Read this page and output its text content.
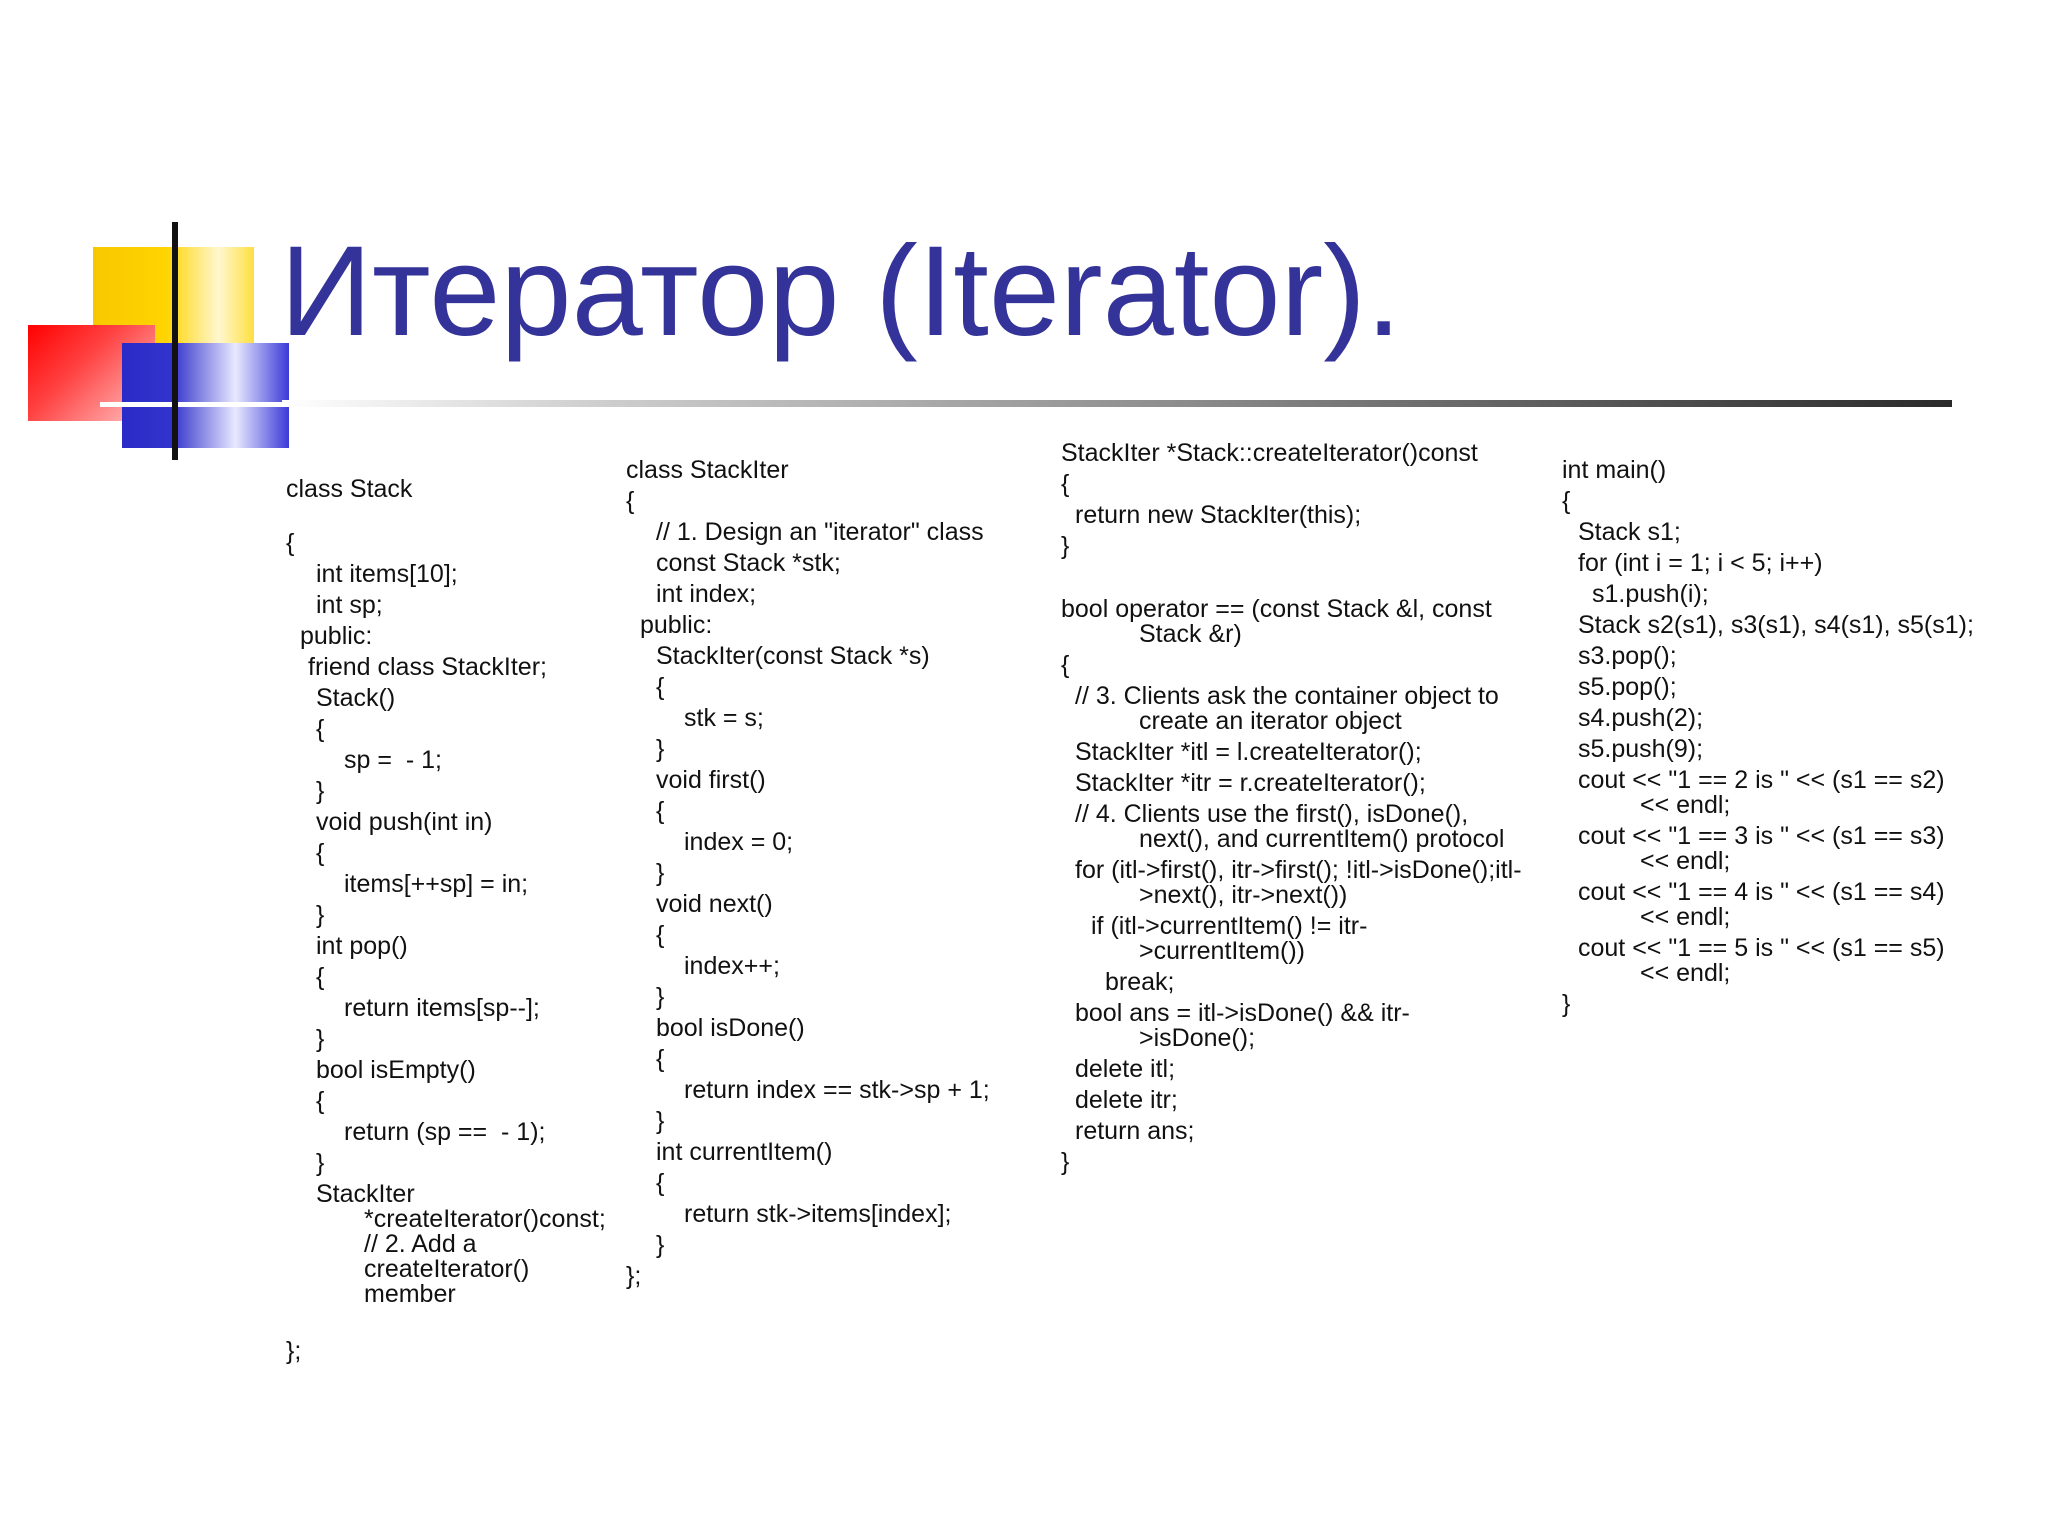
Итератор (Iterator).
class Stack
{
int items[10];
int sp;
public:
friend class StackIter;
Stack()
{
sp =  - 1;
}
void push(int in)
{
items[++sp] = in;
}
int pop()
{
return items[sp--];
}
bool isEmpty()
{
return (sp ==  - 1);
}
StackIter
*createIterator()const;
// 2. Add a
createIterator()
member
};
class StackIter
{
// 1. Design an "iterator" class
const Stack *stk;
int index;
public:
StackIter(const Stack *s)
{
stk = s;
}
void first()
{
index = 0;
}
void next()
{
index++;
}
bool isDone()
{
return index == stk->sp + 1;
}
int currentItem()
{
return stk->items[index];
}
};
StackIter *Stack::createIterator()const
{
return new StackIter(this);
}
bool operator == (const Stack &l, const
Stack &r)
{
// 3. Clients ask the container object to
create an iterator object
StackIter *itl = l.createIterator();
StackIter *itr = r.createIterator();
// 4. Clients use the first(), isDone(),
next(), and currentItem() protocol
for (itl->first(), itr->first(); !itl->isDone();itl-
>next(), itr->next())
if (itl->currentItem() != itr-
>currentItem())
break;
bool ans = itl->isDone() && itr-
>isDone();
delete itl;
delete itr;
return ans;
}
int main()
{
Stack s1;
for (int i = 1; i < 5; i++)
s1.push(i);
Stack s2(s1), s3(s1), s4(s1), s5(s1);
s3.pop();
s5.pop();
s4.push(2);
s5.push(9);
cout << "1 == 2 is " << (s1 == s2)
<< endl;
cout << "1 == 3 is " << (s1 == s3)
<< endl;
cout << "1 == 4 is " << (s1 == s4)
<< endl;
cout << "1 == 5 is " << (s1 == s5)
<< endl;
}
